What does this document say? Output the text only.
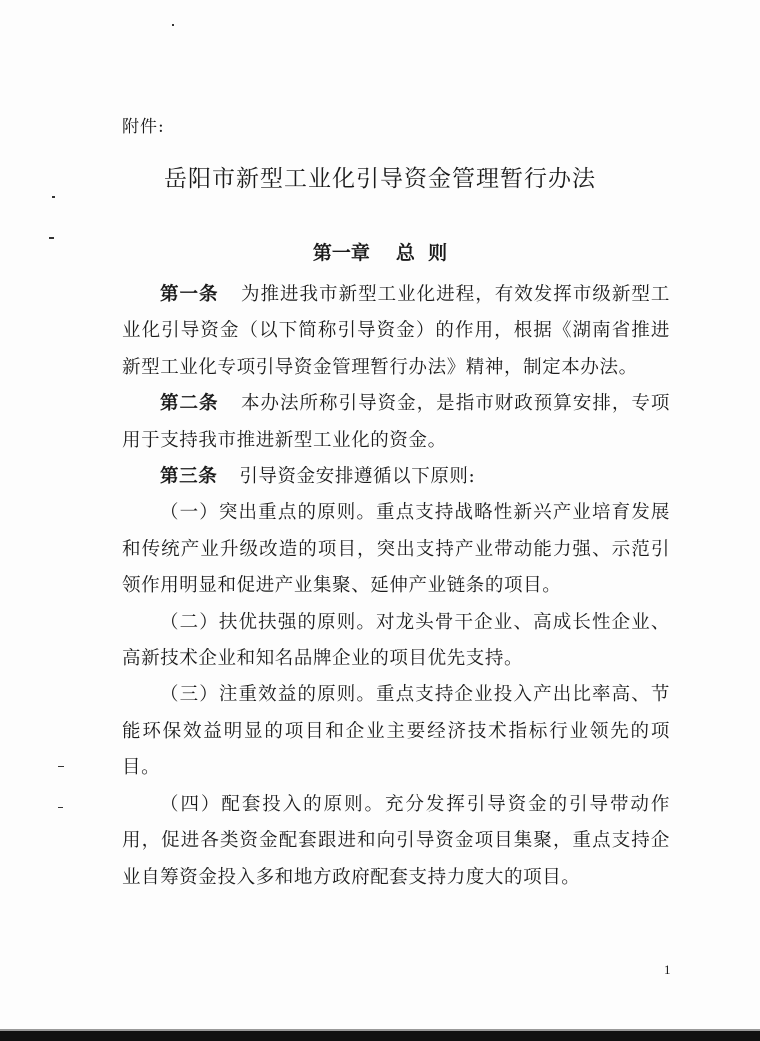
附件:
岳阳市新型工业化引导资金管理暂行办法
第一章 总  则

第一条 为推进我市新型工业化进程，有效发挥市级新型工业化引导资金（以下简称引导资金）的作用，根据《湖南省推进新型工业化专项引导资金管理暂行办法》精神，制定本办法。

第二条 本办法所称引导资金，是指市财政预算安排，专项用于支持我市推进新型工业化的资金。

第三条 引导资金安排遵循以下原则:

（一）突出重点的原则。重点支持战略性新兴产业培育发展和传统产业升级改造的项目，突出支持产业带动能力强、示范引领作用明显和促进产业集聚、延伸产业链条的项目。

（二）扶优扶强的原则。对龙头骨干企业、高成长性企业、高新技术企业和知名品牌企业的项目优先支持。

（三）注重效益的原则。重点支持企业投入产出比率高、节能环保效益明显的项目和企业主要经济技术指标行业领先的项目。

（四）配套投入的原则。充分发挥引导资金的引导带动作用，促进各类资金配套跟进和向引导资金项目集聚，重点支持企业自筹资金投入多和地方政府配套支持力度大的项目。

1
